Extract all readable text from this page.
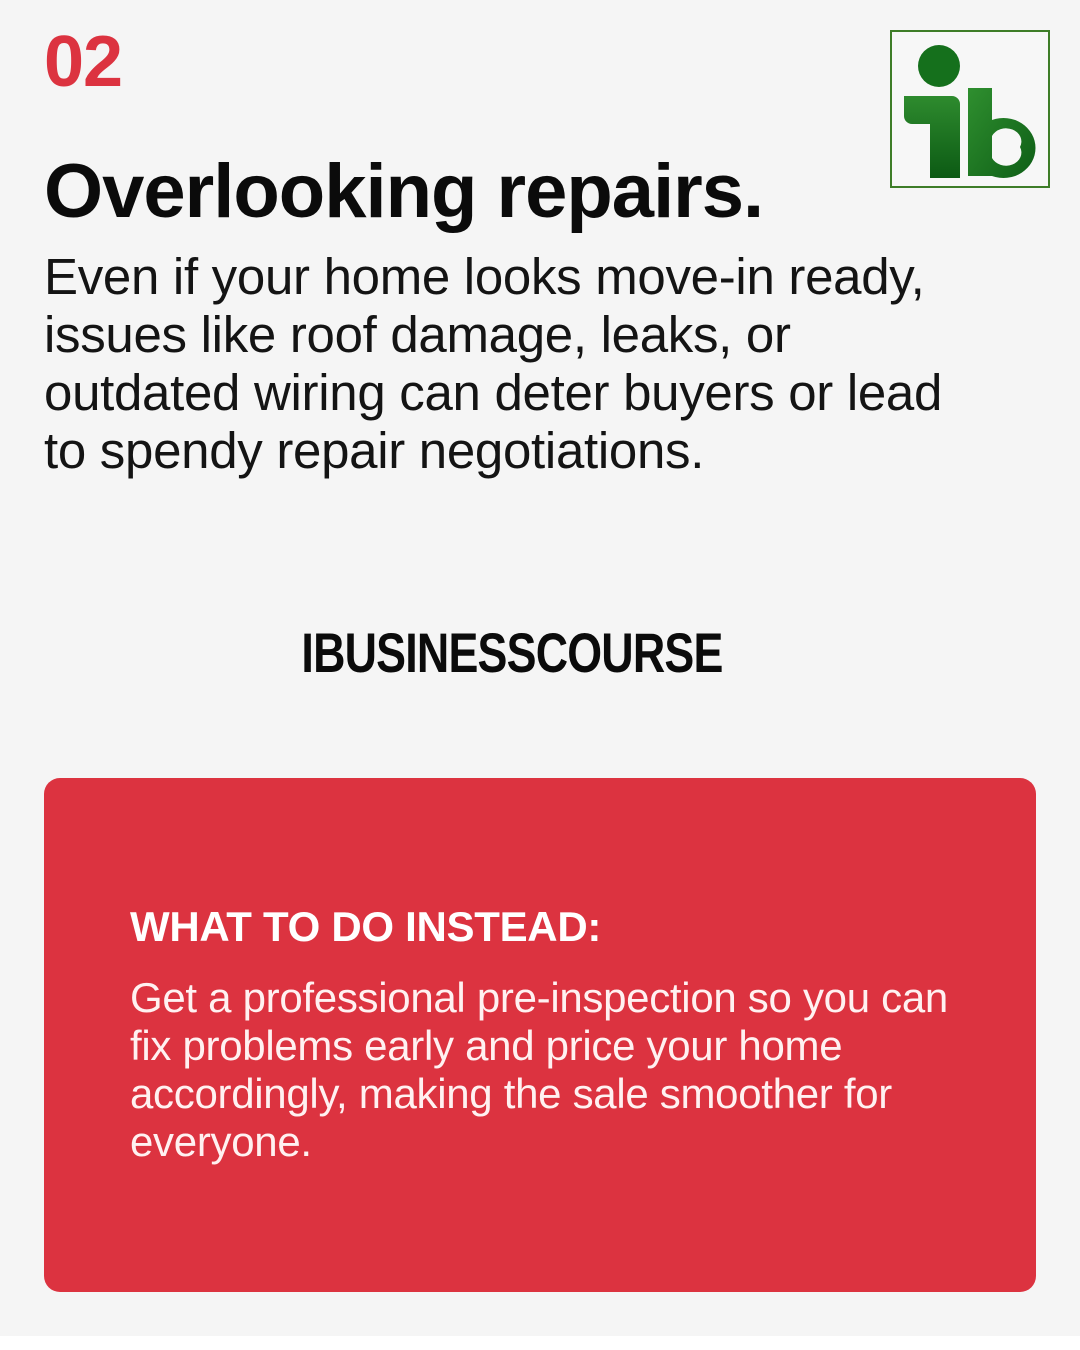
02	ib
Overlooking repairs.

Even if your home looks move-in ready, issues like roof damage, leaks, or outdated wiring can deter buyers or lead to spendy repair negotiations.

IBUSINESSCOURSE
WHAT TO DO INSTEAD:

Get a professional pre-inspection so you can fix problems early and price your home accordingly, making the sale smoother for everyone.
